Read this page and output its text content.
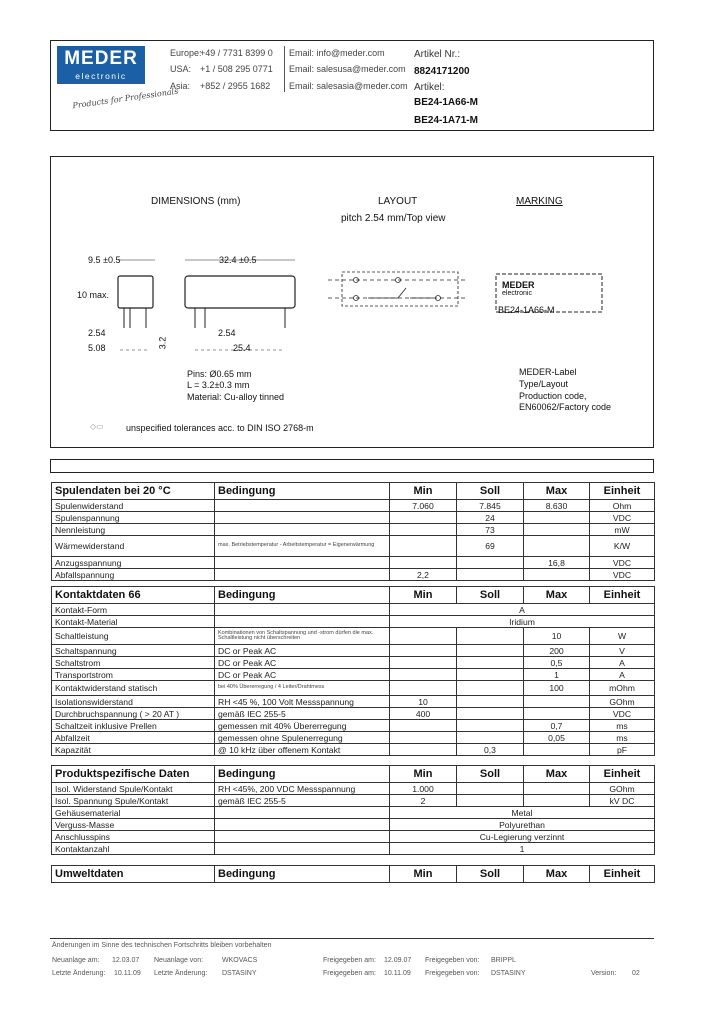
MEDER
electronic
Products for Professionals
Europe:
+49 / 7731 8399 0 Email: info@meder.com
USA: +1 / 508 295 0771 Email: salesusa@meder.com
Asia: +852 / 2955 1682 Email: salesasia@meder.com
Artikel Nr.:
8824171200
Artikel:
BE24-1A66-M
BE24-1A71-M
DIMENSIONS (mm)	LAYOUT
pitch 2.54 mm/Top view
MARKING
9.5 ±0.5	32.4 ±0.5
10 max.
2.54
5.08	3.2
2.54
25.4
Pins: Ø0.65 mm
L = 3.2±0.3 mm
Material: Cu-alloy tinned
◇▭ unspecified tolerances acc. to DIN ISO 2768-m
MEDER
electronic
BE24-1A66-M
MEDER-Label
Type/Layout
Production code,
EN60062/Factory code
Spulendaten bei 20 °C	Bedingung	Min	Soll	Max	Einheit
Spulenwiderstand		7.060	7.845	8.630	Ohm
Spulenspannung			24		VDC
Nennleistung			73		mW
Wärmewiderstand	max. Betriebstemperatur - Arbeitstemperatur = Eigenerwärmung		69		K/W
Anzugsspannung				16,8	VDC
Abfallspannung		2,2			VDC
Kontaktdaten 66	Bedingung	Min	Soll	Max	Einheit
Kontakt-Form		A			
Kontakt-Material		Iridium			
Schaltleistung	Kombinationen von Schaltspannung und -strom dürfen die max. Schaltleistung nicht überschreiten			10	W
Schaltspannung	DC or Peak AC			200	V
Schaltstrom	DC or Peak AC			0,5	A
Transportstrom	DC or Peak AC			1	A
Kontaktwiderstand statisch	bei 40% Übererregung / 4 Leiter/Drahtmess			100	mOhm
Isolationswiderstand	RH <45 %, 100 Volt Messspannung	10			GOhm
Durchbruchspannung ( > 20 AT )	gemäß IEC 255-5	400			VDC
Schaltzeit inklusive Prellen	gemessen mit 40% Übererregung			0,7	ms
Abfallzeit	gemessen ohne Spulenerregung			0,05	ms
Kapazität	@ 10 kHz über offenem Kontakt		0,3		pF
Produktspezifische Daten	Bedingung	Min	Soll	Max	Einheit
Isol. Widerstand Spule/Kontakt	RH <45%, 200 VDC Messspannung	1.000			GOhm
Isol. Spannung Spule/Kontakt	gemäß IEC 255-5	2			kV DC
Gehäusematerial		Metal			
Verguss-Masse		Polyurethan			
Anschlusspins		Cu-Legierung verzinnt			
Kontaktanzahl		1			
Umweltdaten	Bedingung	Min	Soll	Max	Einheit
Änderungen im Sinne des technischen Fortschritts bleiben vorbehalten
Neuanlage am: 12.03.07 Neuanlage von:	WKOVACS	Freigegeben am: 12.09.07 Freigegeben von: BRIPPL
Letzte Änderung: 10.11.09 Letzte Änderung: DSTASINY	Freigegeben am: 10.11.09 Freigegeben von: DSTASINY	Version: 02
